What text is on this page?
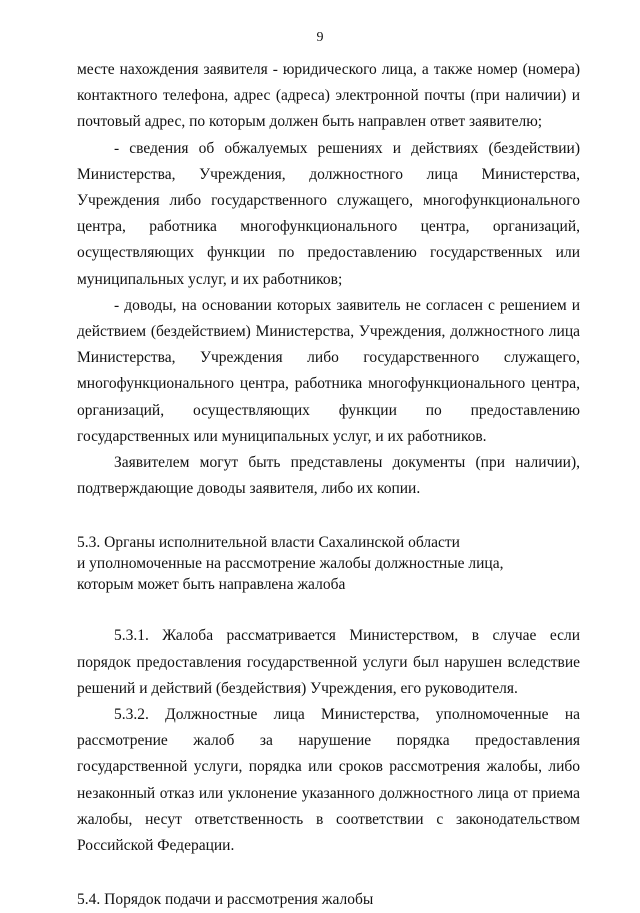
9

месте нахождения заявителя - юридического лица, а также номер (номера) контактного телефона, адрес (адреса) электронной почты (при наличии) и почтовый адрес, по которым должен быть направлен ответ заявителю;

- сведения об обжалуемых решениях и действиях (бездействии) Министерства, Учреждения, должностного лица Министерства, Учреждения либо государственного служащего, многофункционального центра, работника многофункционального центра, организаций, осуществляющих функции по предоставлению государственных или муниципальных услуг, и их работников;

- доводы, на основании которых заявитель не согласен с решением и действием (бездействием) Министерства, Учреждения, должностного лица Министерства, Учреждения либо государственного служащего, многофункционального центра, работника многофункционального центра, организаций, осуществляющих функции по предоставлению государственных или муниципальных услуг, и их работников.

Заявителем могут быть представлены документы (при наличии), подтверждающие доводы заявителя, либо их копии.

5.3. Органы исполнительной власти Сахалинской области
и уполномоченные на рассмотрение жалобы должностные лица,
которым может быть направлена жалоба

5.3.1. Жалоба рассматривается Министерством, в случае если порядок предоставления государственной услуги был нарушен вследствие решений и действий (бездействия) Учреждения, его руководителя.

5.3.2. Должностные лица Министерства, уполномоченные на рассмотрение жалоб за нарушение порядка предоставления государственной услуги, порядка или сроков рассмотрения жалобы, либо незаконный отказ или уклонение указанного должностного лица от приема жалобы, несут ответственность в соответствии с законодательством Российской Федерации.

5.4. Порядок подачи и рассмотрения жалобы
